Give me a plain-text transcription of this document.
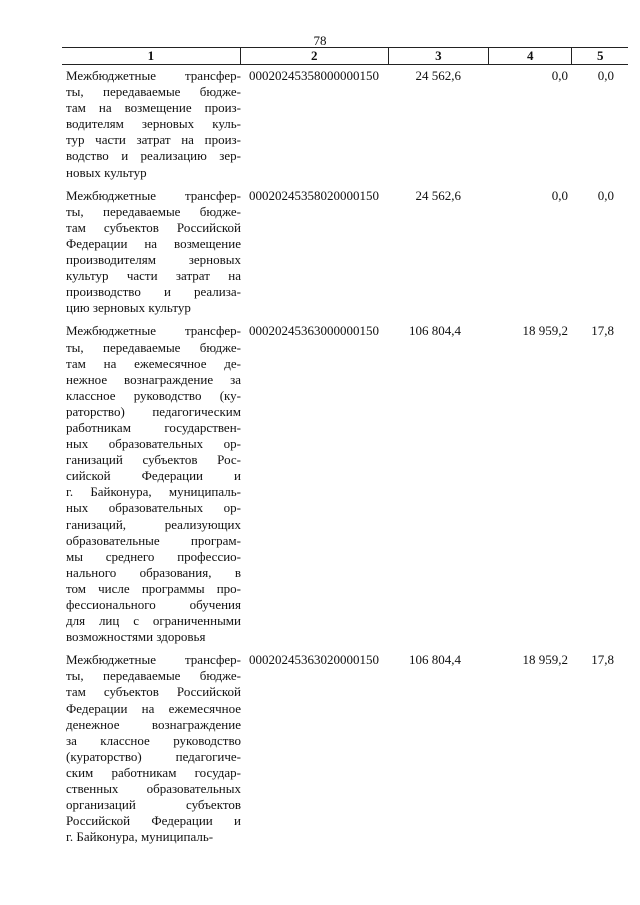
78
1	2	3	4	5
Межбюджетные трансфер-
ты, передаваемые бюдже-
там на возмещение произ-
водителям зерновых куль-
тур части затрат на произ-
водство и реализацию зер-
новых культур
00020245358000000150	24 562,6	0,0	0,0
Межбюджетные трансфер-
ты, передаваемые бюдже-
там субъектов Российской
Федерации на возмещение
производителям зерновых
культур части затрат на
производство и реализа-
цию зерновых культур
00020245358020000150	24 562,6	0,0	0,0
Межбюджетные трансфер-
ты, передаваемые бюдже-
там на ежемесячное де-
нежное вознаграждение за
классное руководство (ку-
раторство) педагогическим
работникам государствен-
ных образовательных ор-
ганизаций субъектов Рос-
сийской Федерации и
г. Байконура, муниципаль-
ных образовательных ор-
ганизаций, реализующих
образовательные програм-
мы среднего профессио-
нального образования, в
том числе программы про-
фессионального обучения
для лиц с ограниченными
возможностями здоровья
00020245363000000150	106 804,4	18 959,2	17,8
Межбюджетные трансфер-
ты, передаваемые бюдже-
там субъектов Российской
Федерации на ежемесячное
денежное вознаграждение
за классное руководство
(кураторство) педагогиче-
ским работникам государ-
ственных образовательных
организаций субъектов
Российской Федерации и
г. Байконура, муниципаль-
00020245363020000150	106 804,4	18 959,2	17,8
